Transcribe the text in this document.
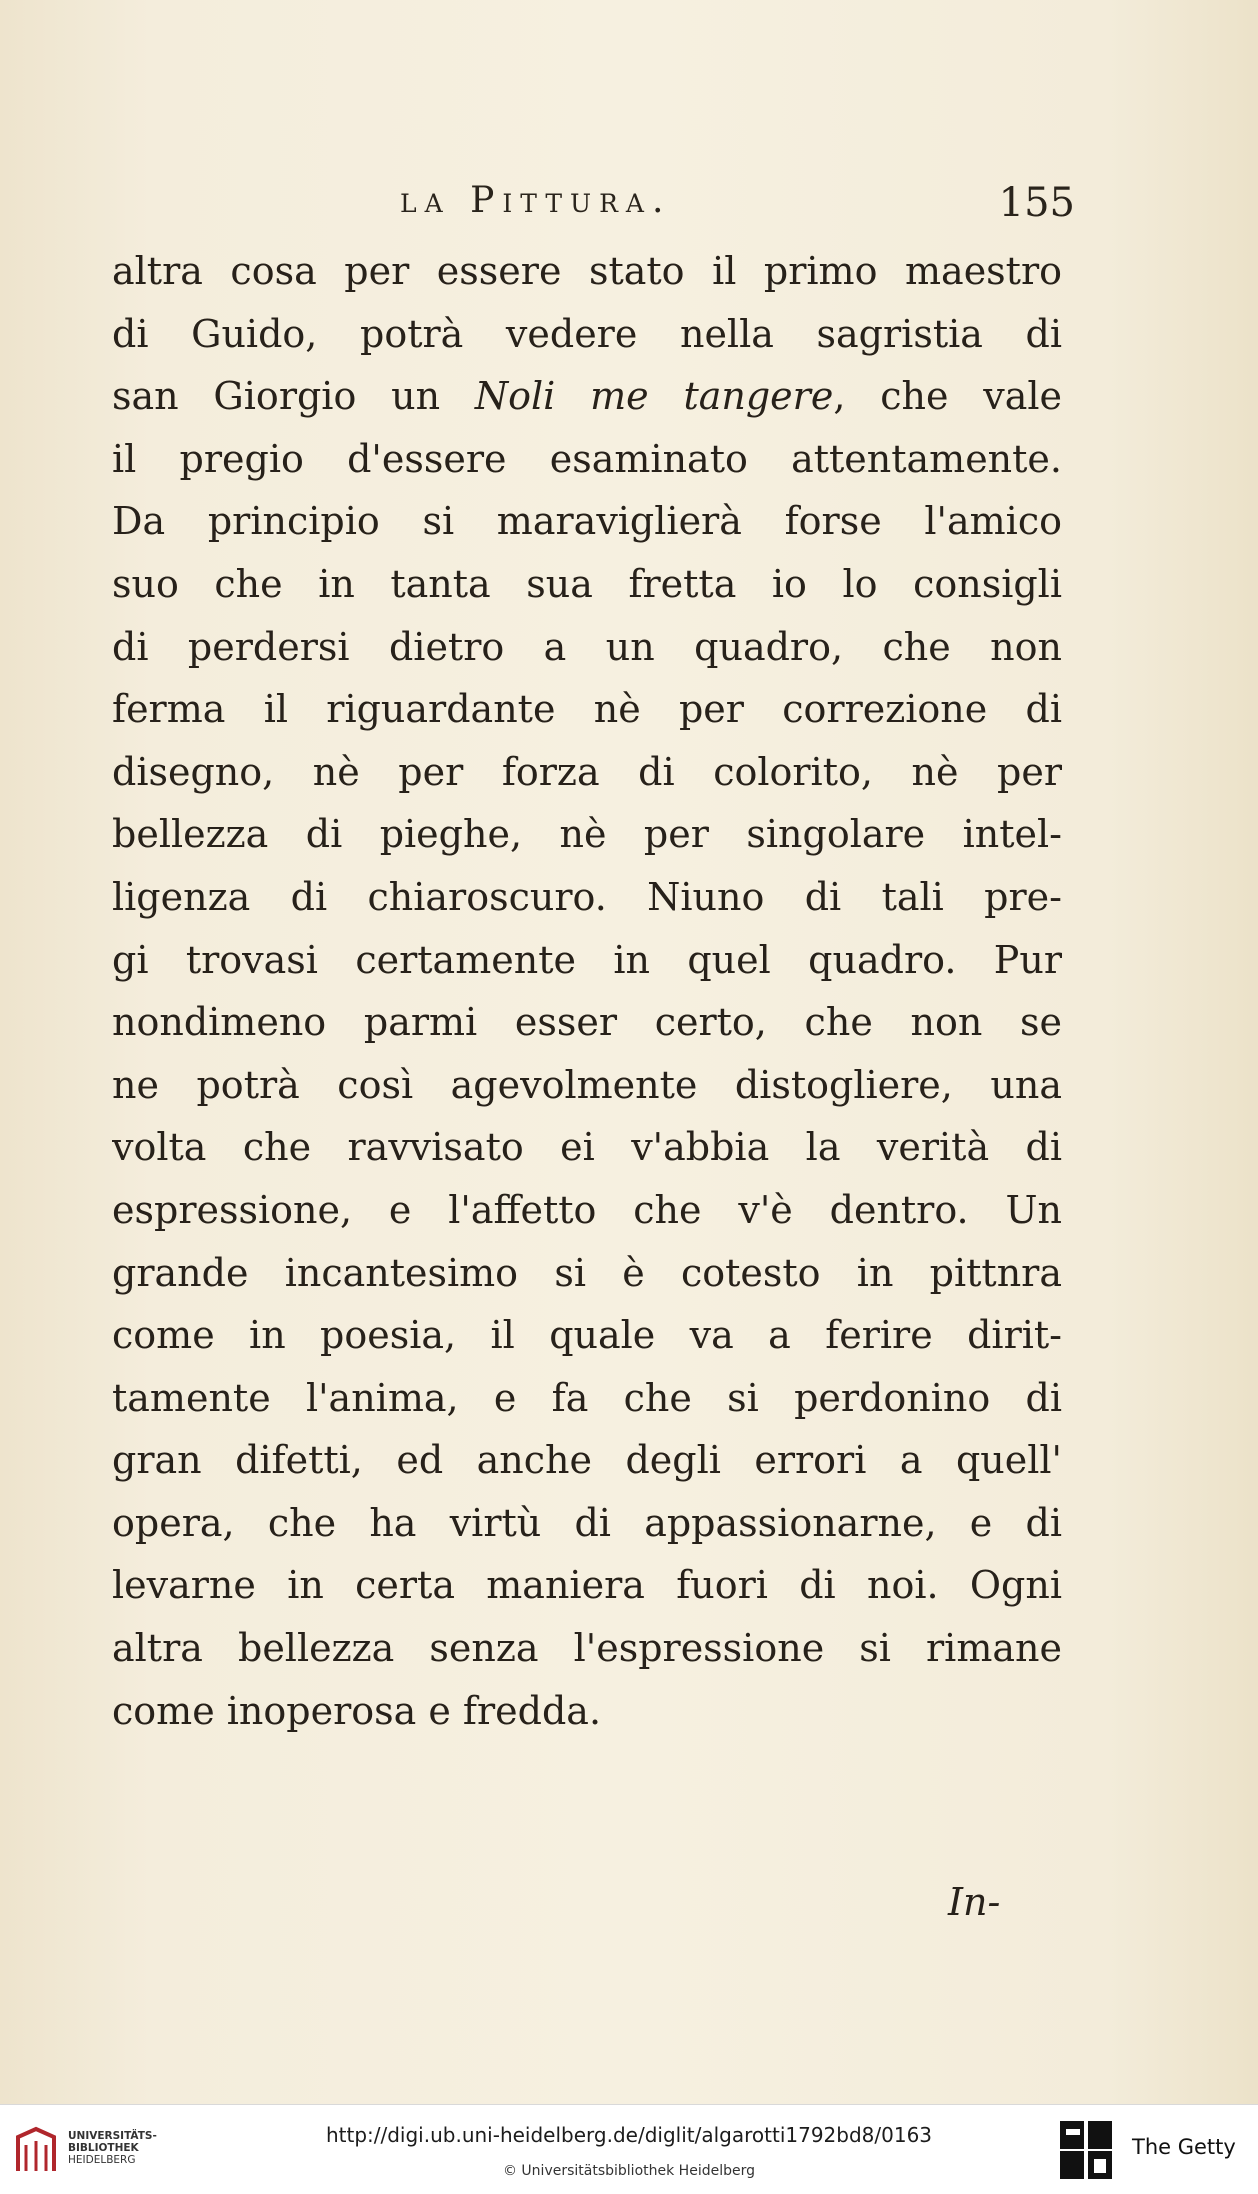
la Pittura.	155
altra cosa per essere stato il primo maestro
di Guido, potrà vedere nella sagristia di
san Giorgio un Noli me tangere, che vale
il pregio d'essere esaminato attentamente.
Da principio si maraviglierà forse l'amico
suo che in tanta sua fretta io lo consigli
di perdersi dietro a un quadro, che non
ferma il riguardante nè per correzione di
disegno, nè per forza di colorito, nè per
bellezza di pieghe, nè per singolare intel-
ligenza di chiaroscuro. Niuno di tali pre-
gi trovasi certamente in quel quadro. Pur
nondimeno parmi esser certo, che non se
ne potrà così agevolmente distogliere, una
volta che ravvisato ei v'abbia la verità di
espressione, e l'affetto che v'è dentro. Un
grande incantesimo si è cotesto in pittnra
come in poesia, il quale va a ferire dirit-
tamente l'anima, e fa che si perdonino di
gran difetti, ed anche degli errori a quell'
opera, che ha virtù di appassionarne, e di
levarne in certa maniera fuori di noi. Ogni
altra bellezza senza l'espressione si rimane
come inoperosa e fredda.
In-
UNIVERSITÄTS-
BIBLIOTHEK
HEIDELBERG
http://digi.ub.uni-heidelberg.de/diglit/algarotti1792bd8/0163
© Universitätsbibliothek Heidelberg
The Getty
